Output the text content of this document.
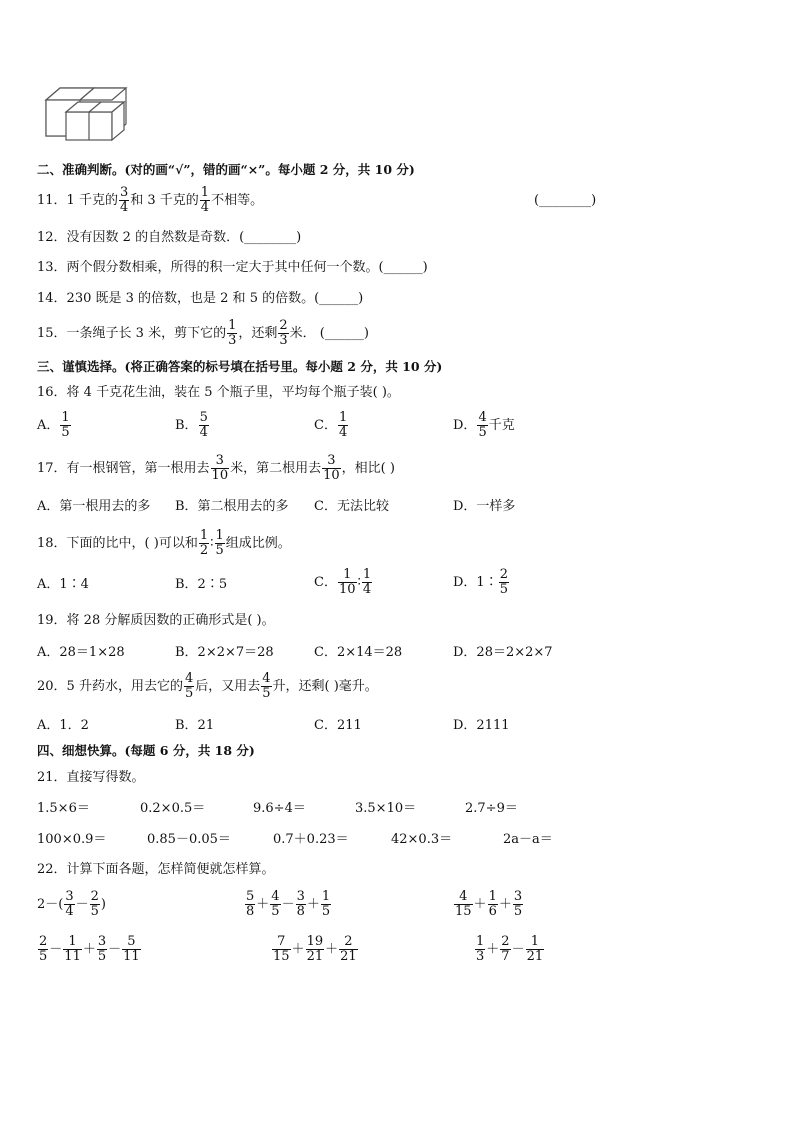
二、准确判断。(对的画“√”，错的画“×”。每小题 2 分，共 10 分)
11．1 千克的 $\frac{3}{4}$ 和 3 千克的 $\frac{1}{4}$ 不相等。	(________)
12．没有因数 2 的自然数是奇数．(________)
13．两个假分数相乘，所得的积一定大于其中任何一个数。(______)
14．230 既是 3 的倍数，也是 2 和 5 的倍数。(______)
15．一条绳子长 3 米，剪下它的 $\frac{1}{3}$ ，还剩 $\frac{2}{3}$ 米． (______)
三、谨慎选择。(将正确答案的标号填在括号里。每小题 2 分，共 10 分)
16．将 4 千克花生油，装在 5 个瓶子里，平均每个瓶子装( )。
A． $\frac{1}{5}$	B． $\frac{5}{4}$	C． $\frac{1}{4}$	D． $\frac{4}{5}$ 千克
17．有一根钢管，第一根用去 $\frac{3}{10}$ 米，第二根用去 $\frac{3}{10}$ ，相比( )
A．第一根用去的多 B．第二根用去的多 C．无法比较	D．一样多
18．下面的比中，( )可以和 $\frac{1}{2}$ ∶ $\frac{1}{5}$ 组成比例。
A．1∶4	B．2∶5	C． $\frac{1}{10}$ ∶ $\frac{1}{4}$	D．1∶ $\frac{2}{5}$
19．将 28 分解质因数的正确形式是( )。
A．28＝1×28	B．2×2×7＝28	C．2×14＝28	D．28＝2×2×7
20．5 升药水，用去它的 $\frac{4}{5}$ 后，又用去 $\frac{4}{5}$ 升，还剩( )毫升。
A．1．2	B．21	C．211	D．2111
四、细想快算。(每题 6 分，共 18 分)
21．直接写得数。
1.5×6＝	0.2×0.5＝	9.6÷4＝	3.5×10＝	2.7÷9＝
100×0.9＝	0.85－0.05＝	0.7＋0.23＝	42×0.3＝	2a－a＝
22．计算下面各题，怎样简便就怎样算。
$2-( \frac{3}{4} - \frac{2}{5}$ )	$\frac{5}{8} + \frac{4}{5} - \frac{3}{8} + \frac{1}{5}$	$\frac{4}{15} + \frac{1}{6} + \frac{3}{5}$
$\frac{2}{5} - \frac{1}{11} + \frac{3}{5} - \frac{5}{11}$	$\frac{7}{15} + \frac{19}{21} + \frac{2}{21}$	$\frac{1}{3} + \frac{2}{7} - \frac{1}{21}$
